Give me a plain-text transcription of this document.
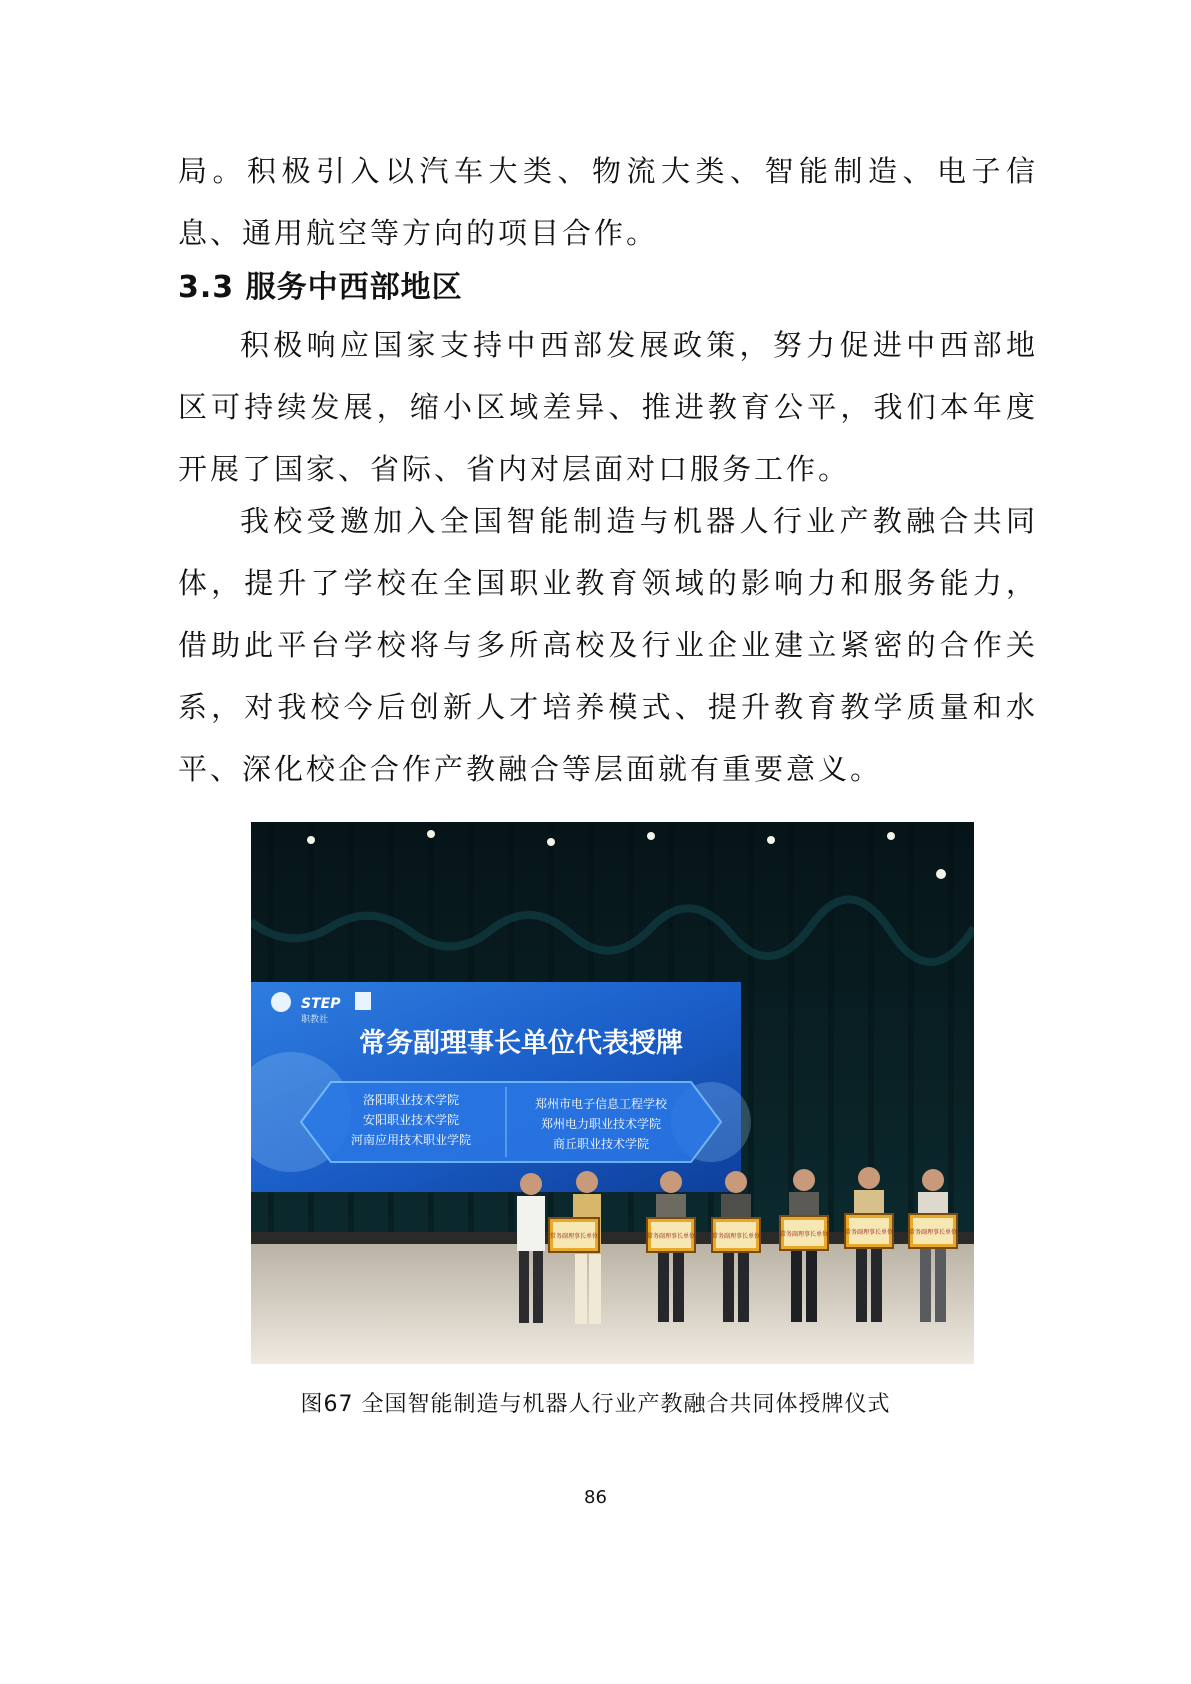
局。积极引入以汽车大类、物流大类、智能制造、电子信息、通用航空等方向的项目合作。

3.3 服务中西部地区

积极响应国家支持中西部发展政策，努力促进中西部地区可持续发展，缩小区域差异、推进教育公平，我们本年度开展了国家、省际、省内对层面对口服务工作。

我校受邀加入全国智能制造与机器人行业产教融合共同体，提升了学校在全国职业教育领域的影响力和服务能力，借助此平台学校将与多所高校及行业企业建立紧密的合作关系，对我校今后创新人才培养模式、提升教育教学质量和水平、深化校企合作产教融合等层面就有重要意义。

STEP
职教社
常务副理事长单位代表授牌
洛阳职业技术学院
安阳职业技术学院
河南应用技术职业学院
郑州市电子信息工程学校
郑州电力职业技术学院
商丘职业技术学院
常务副理事长单位	常务副理事长单位	常务副理事长单位	常务副理事长单位	常务副理事长单位	常务副理事长单位
图67 全国智能制造与机器人行业产教融合共同体授牌仪式
86
